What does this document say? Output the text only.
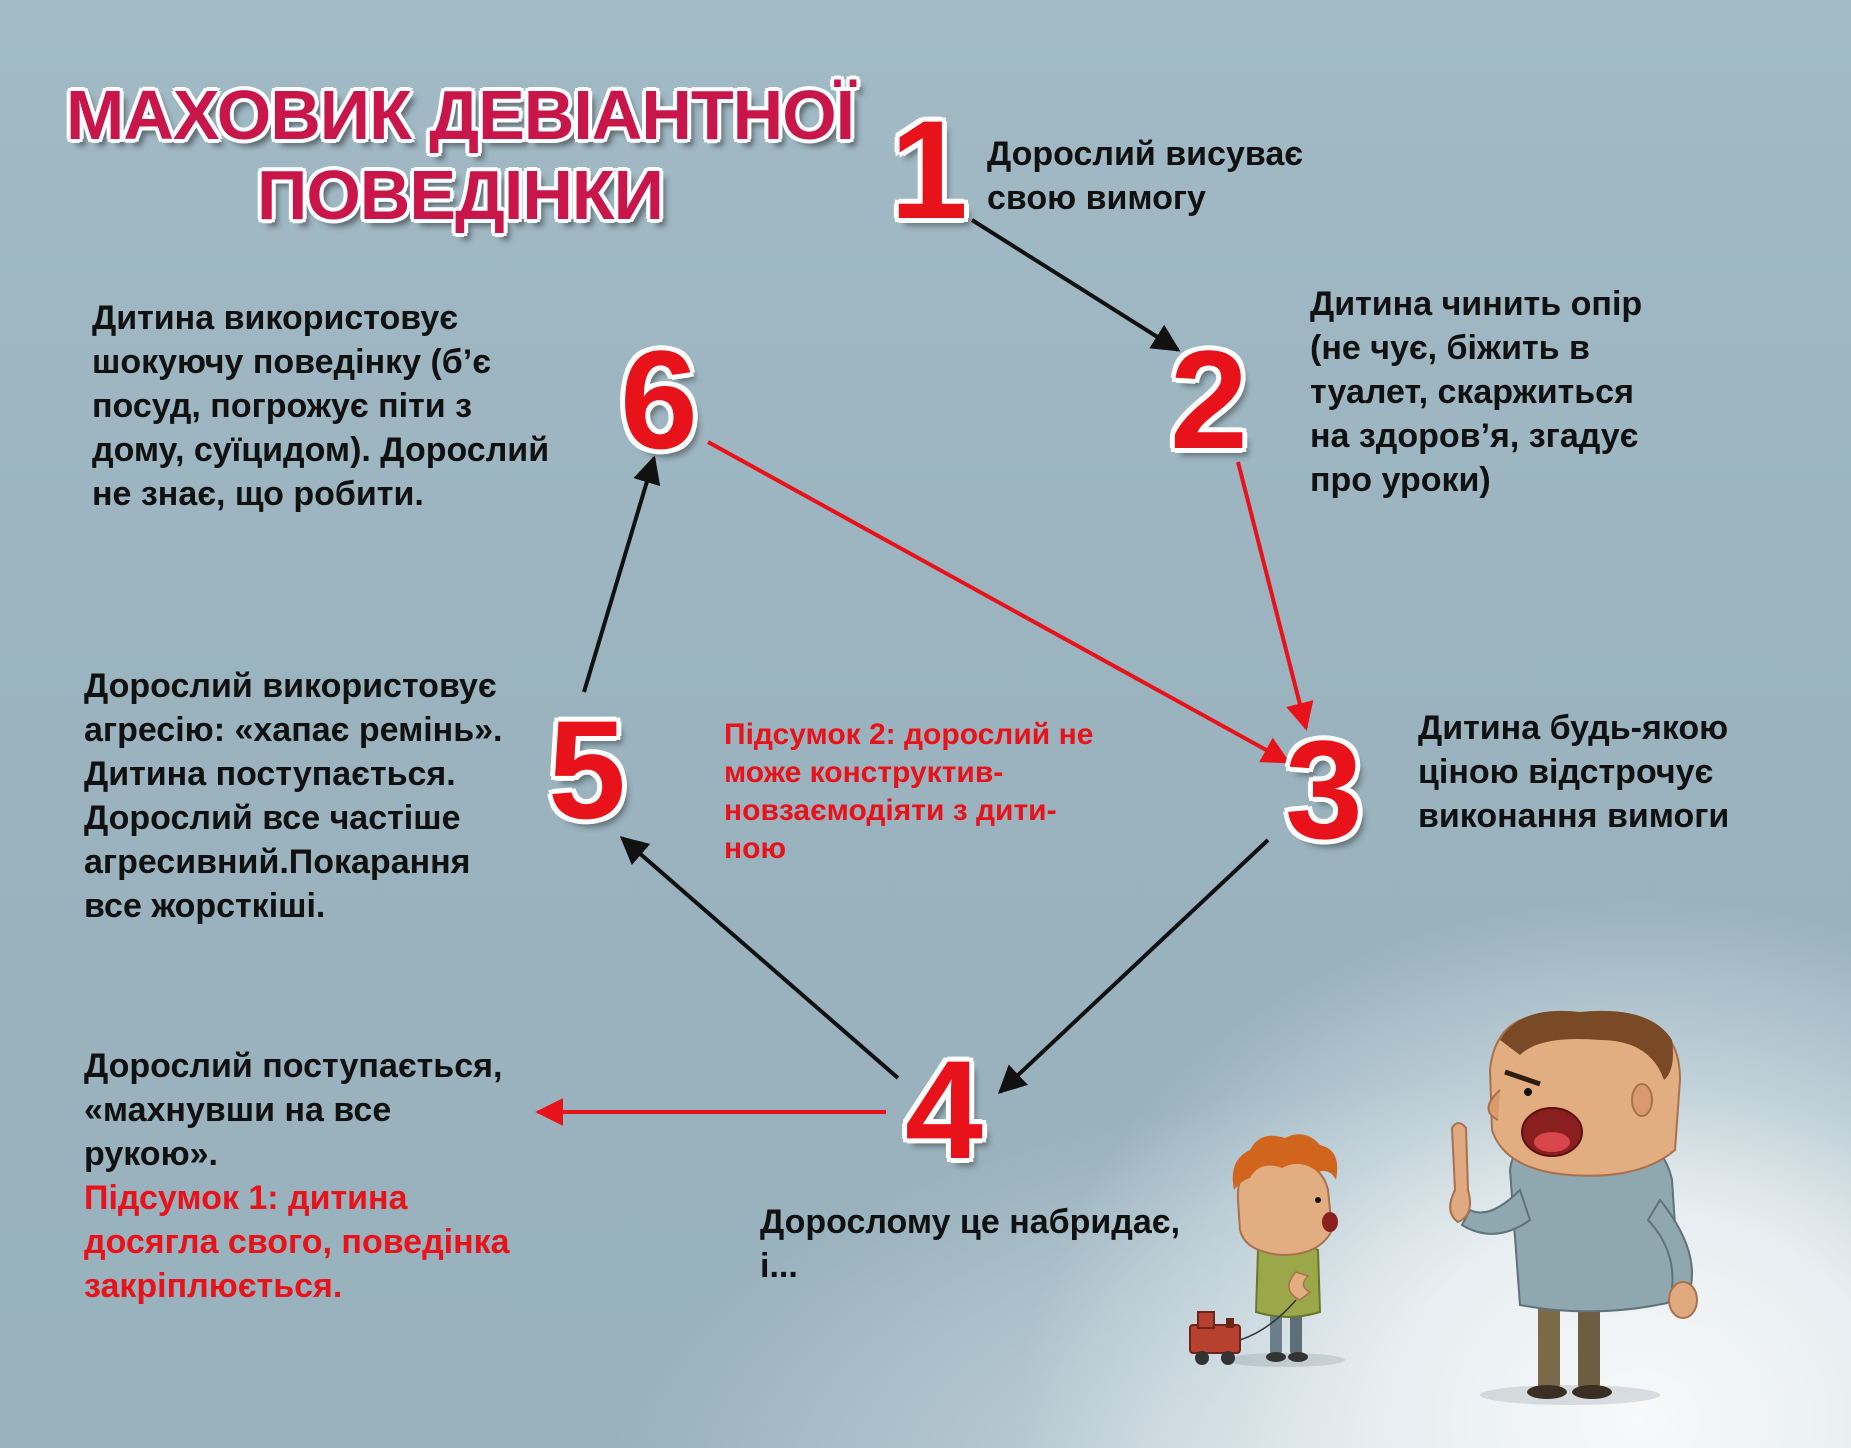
МАХОВИК ДЕВІАНТНОЇ
ПОВЕДІНКИ	1
2
3
4
5
6
Дорослий висуває
свою вимогу
Дитина чинить опір
(не чує, біжить в
туалет, скаржиться
на здоров’я, згадує
про уроки)
Дитина будь-якою
ціною відстрочує
виконання вимоги
Дорослому це набридає,
і...
Дорослий використовує
агресію: «хапає ремінь».
Дитина поступається.
Дорослий все частіше
агресивний.Покарання
все жорсткіші.
Дитина використовує
шокуючу поведінку (б’є
посуд, погрожує піти з
дому, суїцидом). Дорослий
не знає, що робити.
Дорослий поступається,
«махнувши на все
рукою».
Підсумок 1: дитина
досягла свого, поведінка
закріплюється.
Підсумок 2: дорослий не
може конструктив-
новзаємодіяти з дити-
ною
